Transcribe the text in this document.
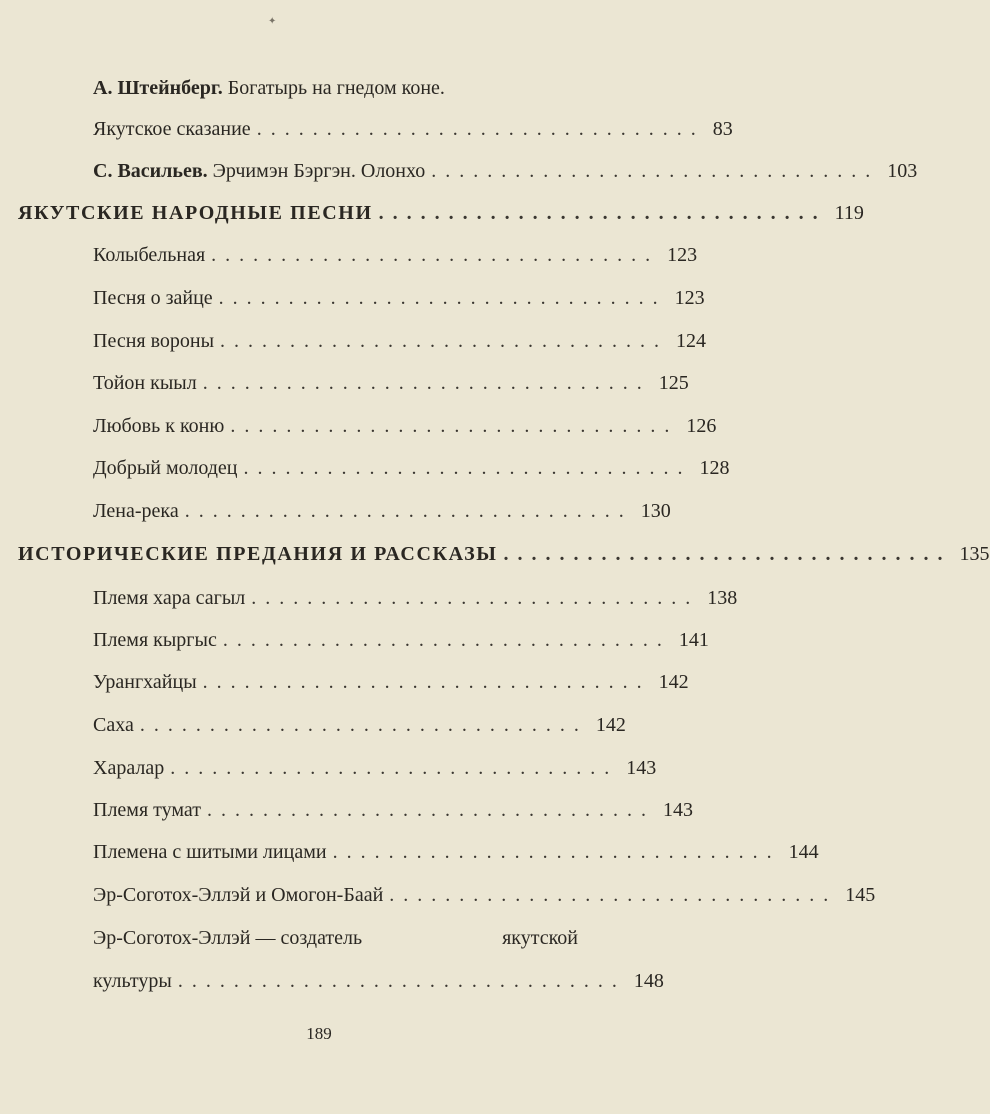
✦
А. Штейнберг. Богатырь на гнедом коне.
Якутское сказание ................................ 83
С. Васильев. Эрчимэн Бэргэн. Олонхо ................................ 103
ЯКУТСКИЕ НАРОДНЫЕ ПЕСНИ ................................ 119
Колыбельная ................................ 123
Песня о зайце ................................ 123
Песня вороны ................................ 124
Тойон кыыл ................................ 125
Любовь к коню ................................ 126
Добрый молодец ................................ 128
Лена-река ................................ 130
ИСТОРИЧЕСКИЕ ПРЕДАНИЯ И РАССКАЗЫ ................................ 135
Племя хара сагыл ................................ 138
Племя кыргыс ................................ 141
Урангхайцы ................................ 142
Саха ................................ 142
Харалар ................................ 143
Племя тумат ................................ 143
Племена с шитыми лицами ................................ 144
Эр-Соготох-Эллэй и Омогон-Баай ................................ 145
Эр-Соготох-Эллэй — создатель	якутской
культуры ................................ 148
189
